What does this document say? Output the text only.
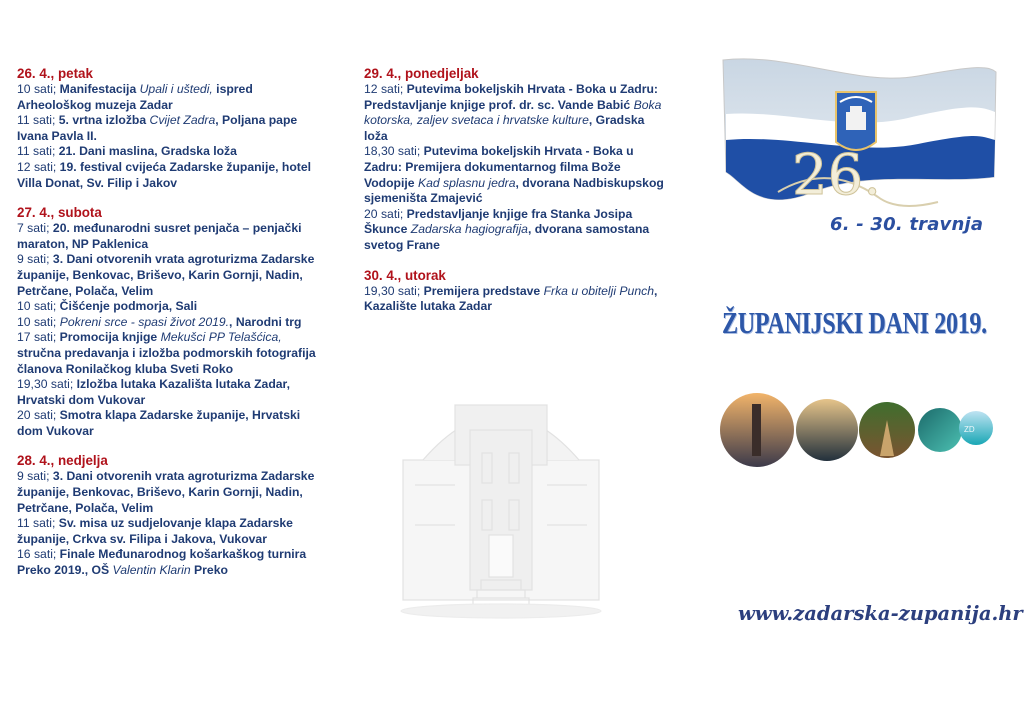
26. 4., petak
10 sati; Manifestacija Upali i uštedi, ispred Arheološkog muzeja Zadar
11 sati; 5. vrtna izložba Cvijet Zadra, Poljana pape Ivana Pavla II.
11 sati; 21. Dani maslina, Gradska loža
12 sati; 19. festival cvijeća Zadarske županije, hotel Villa Donat, Sv. Filip i Jakov
27. 4., subota
7 sati; 20. međunarodni susret penjača – penjački maraton, NP Paklenica
9 sati; 3. Dani otvorenih vrata agroturizma Zadarske županije, Benkovac, Briševo, Karin Gornji, Nadin, Petrčane, Polača, Velim
10 sati; Čišćenje podmorja, Sali
10 sati; Pokreni srce - spasi život 2019., Narodni trg
17 sati; Promocija knjige Mekušci PP Telašćica, stručna predavanja i izložba podmorskih fotografija članova Ronilačkog kluba Sveti Roko
19,30 sati; Izložba lutaka Kazališta lutaka Zadar, Hrvatski dom Vukovar
20 sati; Smotra klapa Zadarske županije, Hrvatski dom Vukovar
28. 4., nedjelja
9 sati; 3. Dani otvorenih vrata agroturizma Zadarske županije, Benkovac, Briševo, Karin Gornji, Nadin, Petrčane, Polača, Velim
11 sati; Sv. misa uz sudjelovanje klapa Zadarske županije, Crkva sv. Filipa i Jakova, Vukovar
16 sati; Finale Međunarodnog košarkaškog turnira Preko 2019., OŠ Valentin Klarin Preko
29. 4., ponedjeljak
12 sati; Putevima bokeljskih Hrvata - Boka u Zadru: Predstavljanje knjige prof. dr. sc. Vande Babić Boka kotorska, zaljev svetaca i hrvatske kulture, Gradska loža
18,30 sati; Putevima bokeljskih Hrvata - Boka u Zadru: Premijera dokumentarnog filma Bože Vodopije Kad splasnu jedra, dvorana Nadbiskupskog sjemeništa Zmajević
20 sati; Predstavljanje knjige fra Stanka Josipa Škunce Zadarska hagiografija, dvorana samostana svetog Frane
30. 4., utorak
19,30 sati; Premijera predstave Frka u obitelji Punch, Kazalište lutaka Zadar
26.
6. - 30. travnja
ŽUPANIJSKI DANI 2019.
ZD
www.zadarska-zupanija.hr
